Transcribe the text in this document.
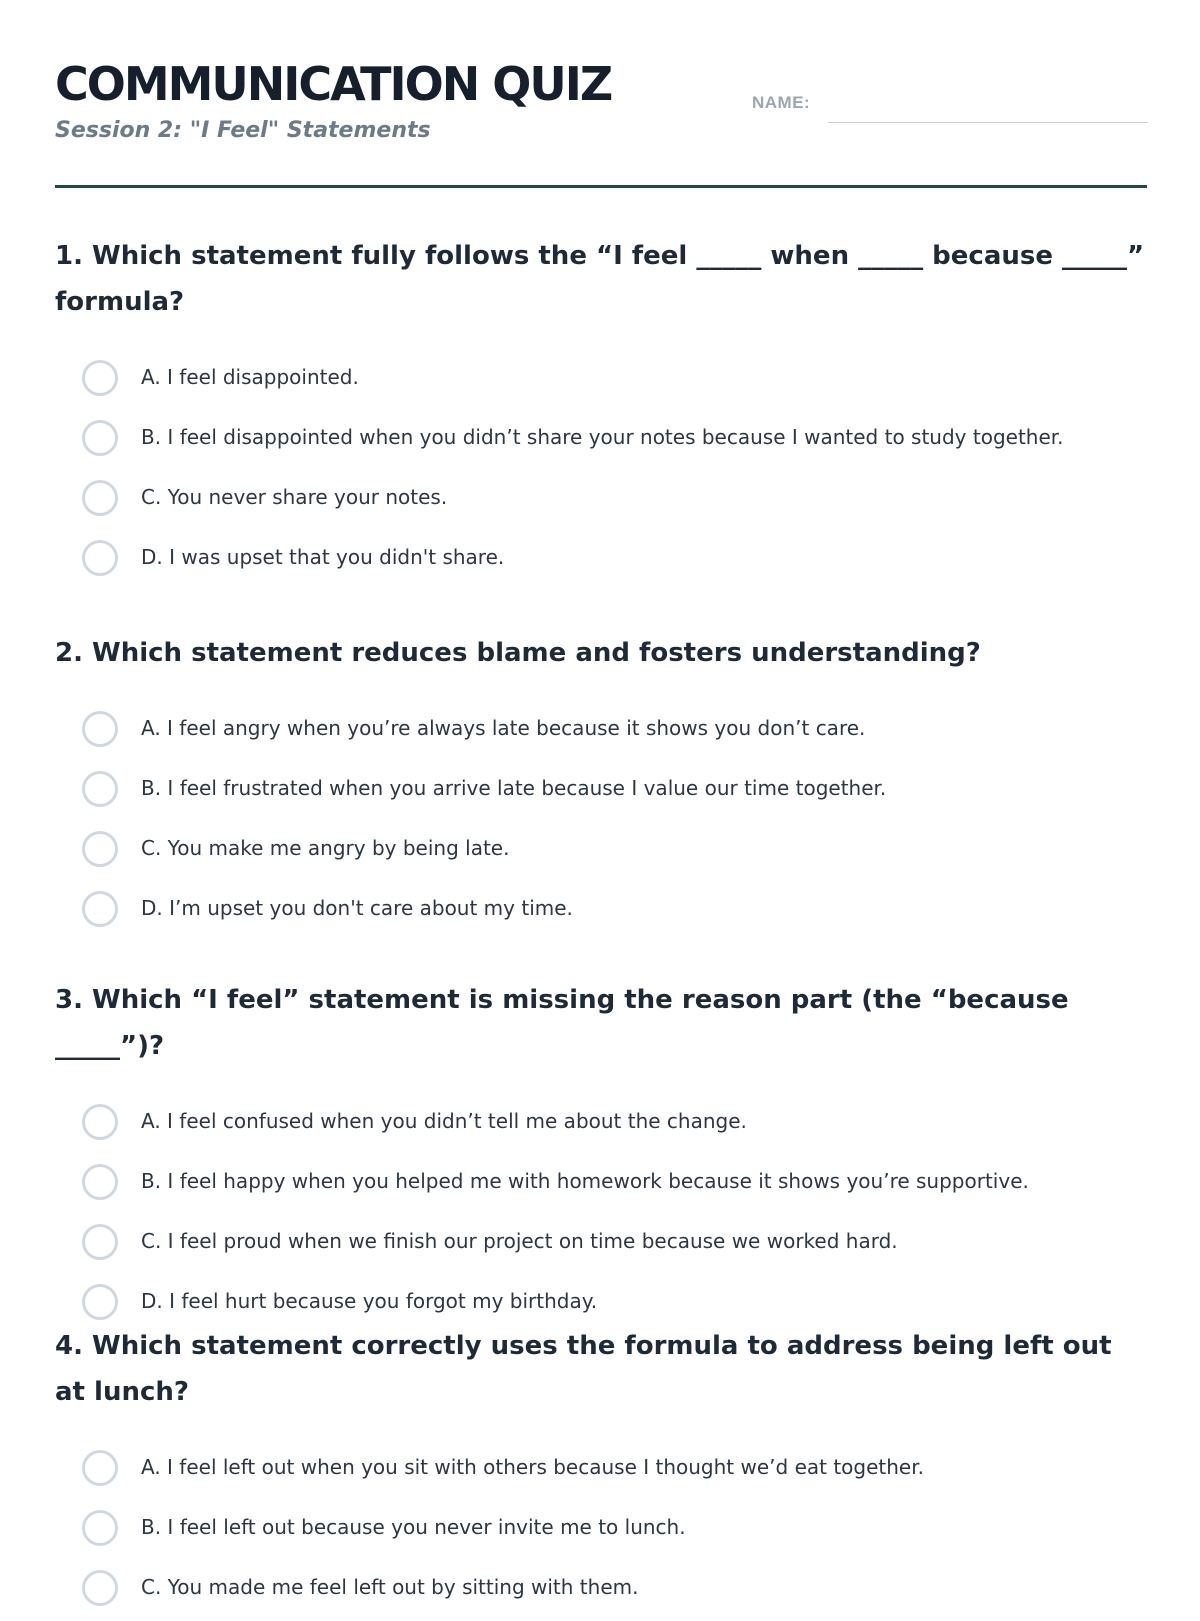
COMMUNICATION QUIZ
Session 2: "I Feel" Statements
NAME:

1. Which statement fully follows the “I feel _____ when _____ because _____” formula?

A. I feel disappointed.
B. I feel disappointed when you didn’t share your notes because I wanted to study together.
C. You never share your notes.
D. I was upset that you didn't share.

2. Which statement reduces blame and fosters understanding?

A. I feel angry when you’re always late because it shows you don’t care.
B. I feel frustrated when you arrive late because I value our time together.
C. You make me angry by being late.
D. I’m upset you don't care about my time.

3. Which “I feel” statement is missing the reason part (the “because _____”)?

A. I feel confused when you didn’t tell me about the change.
B. I feel happy when you helped me with homework because it shows you’re supportive.
C. I feel proud when we finish our project on time because we worked hard.
D. I feel hurt because you forgot my birthday.

4. Which statement correctly uses the formula to address being left out at lunch?

A. I feel left out when you sit with others because I thought we’d eat together.
B. I feel left out because you never invite me to lunch.
C. You made me feel left out by sitting with them.
